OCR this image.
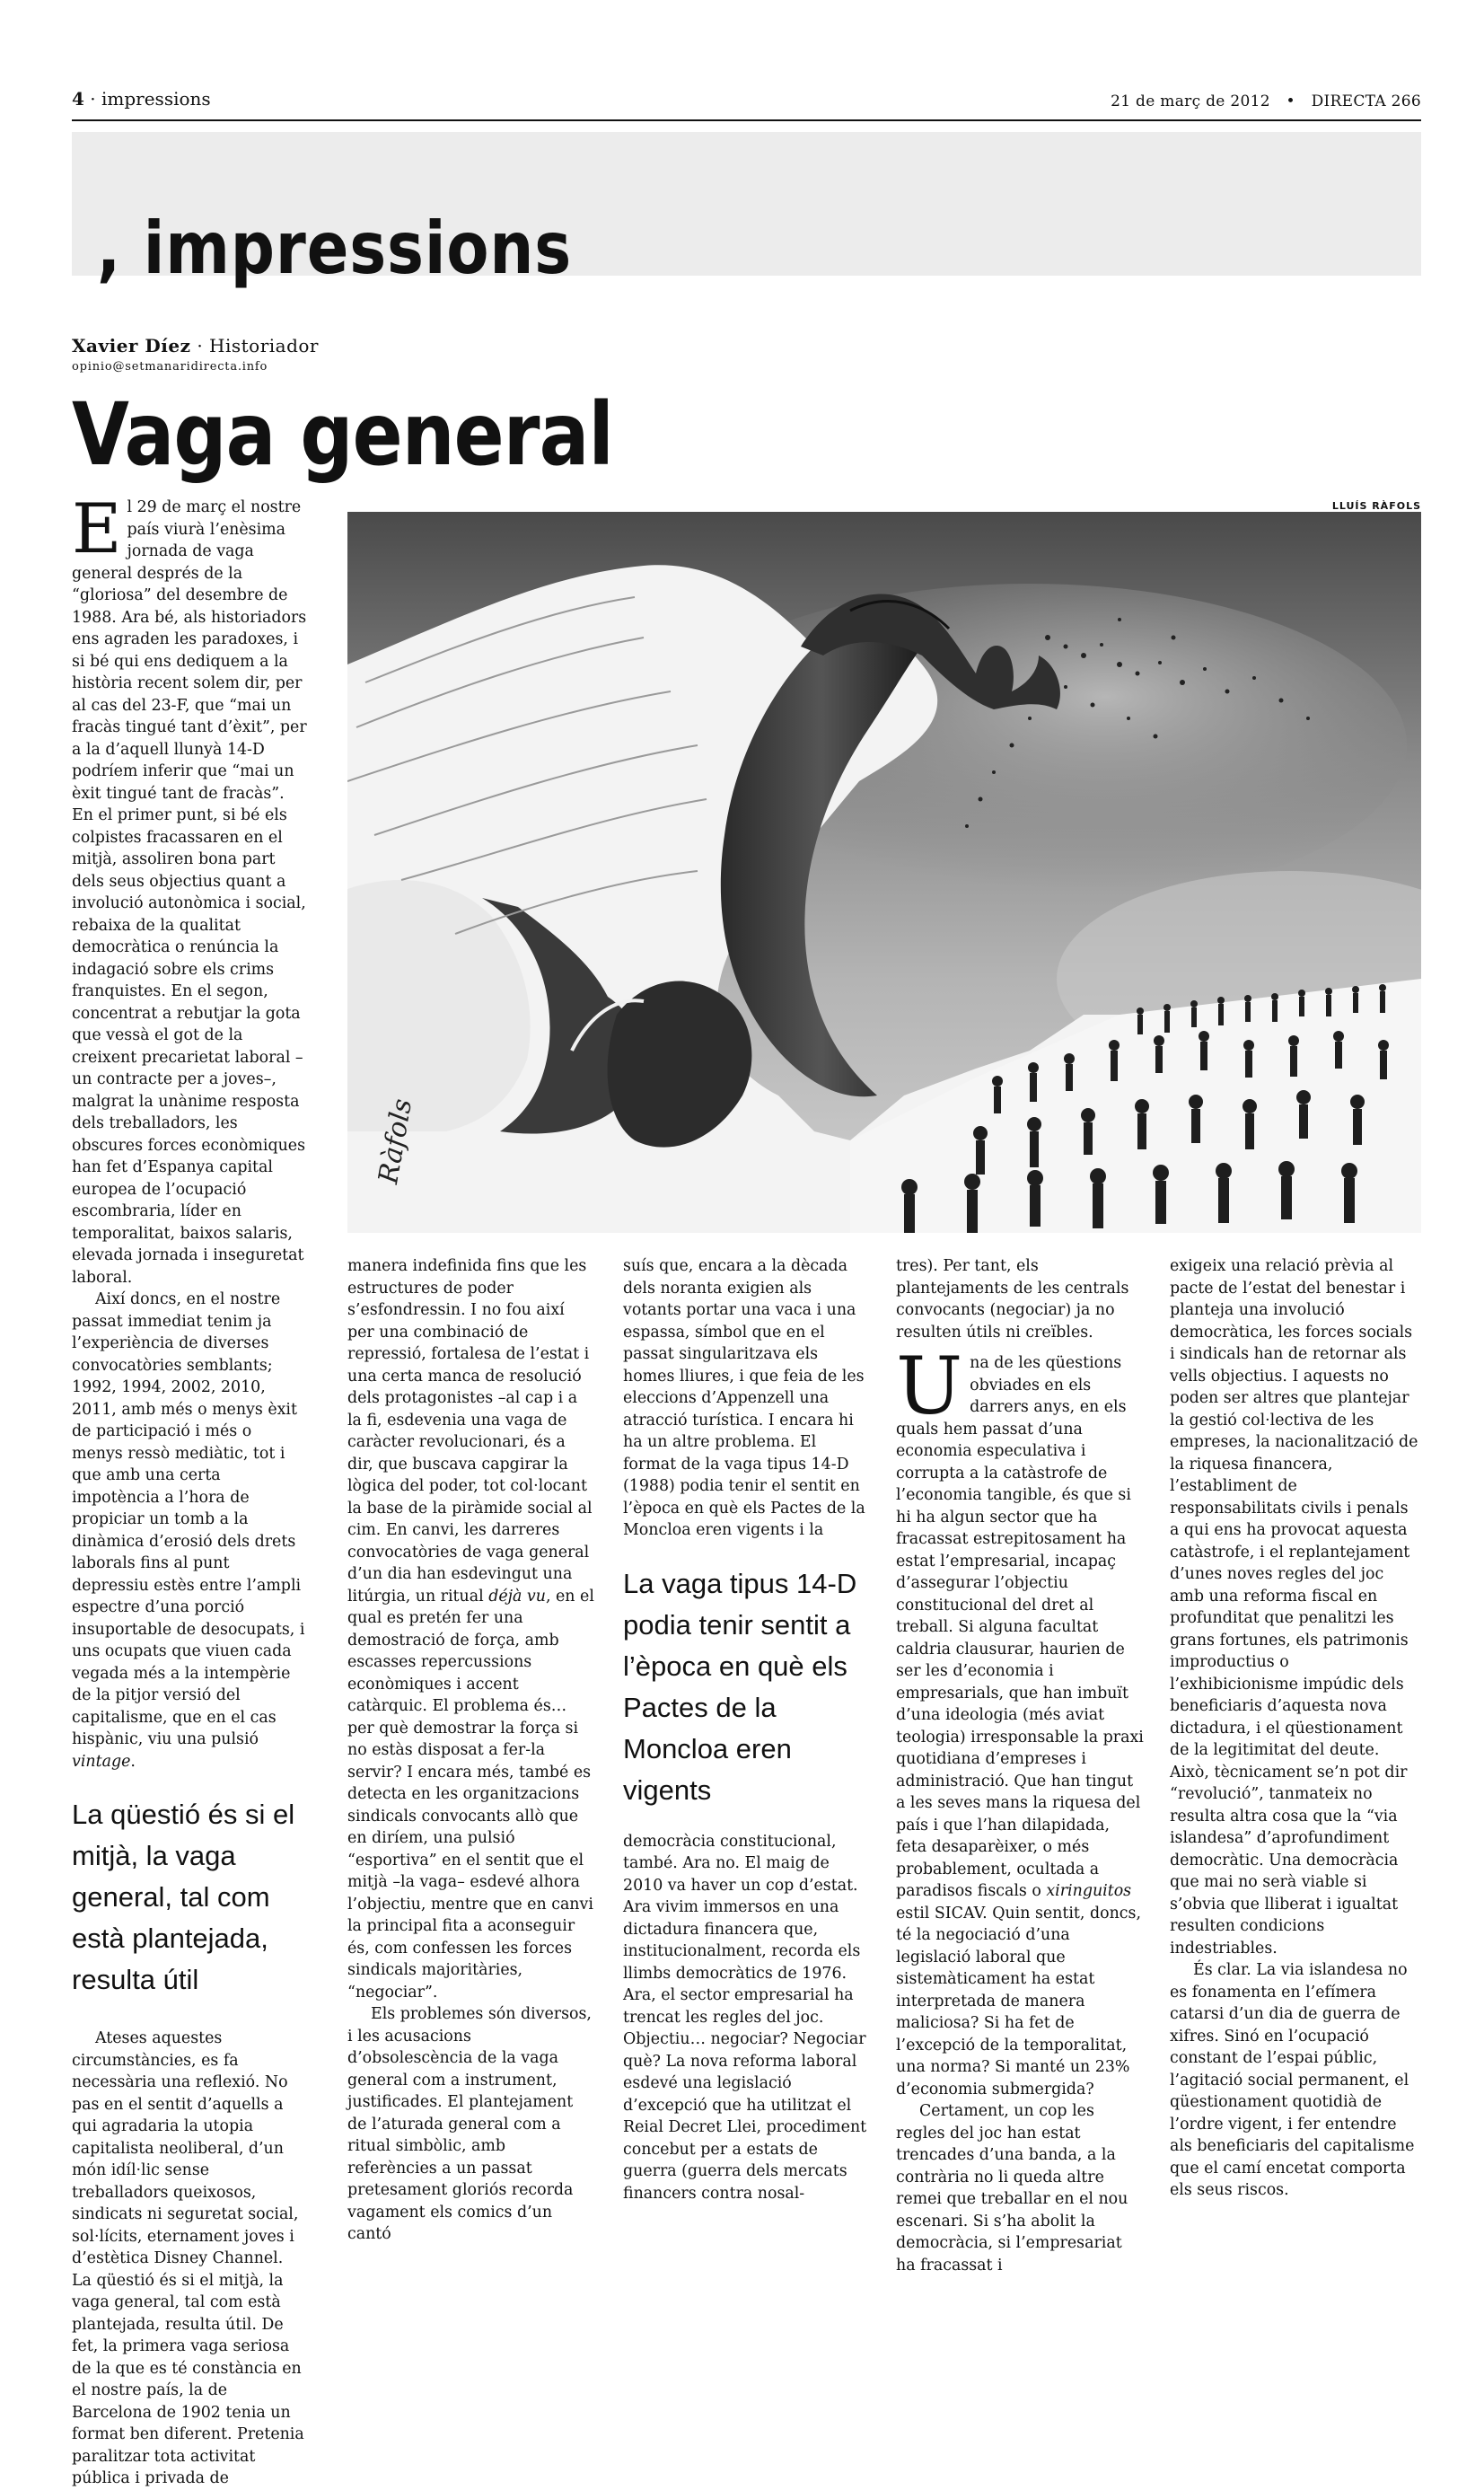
4 · impressions	21 de març de 2012 • DIRECTA 266
, impressions
Xavier Díez · Historiador
opinio@setmanaridirecta.info
Vaga general
LLUÍS RÀFOLS
Ràfols

El 29 de març el nostre país viurà l’enèsima jornada de vaga general després de la “gloriosa” del desembre de 1988. Ara bé, als historiadors ens agraden les paradoxes, i si bé qui ens dediquem a la història recent solem dir, per al cas del 23-F, que “mai un fracàs tingué tant d’èxit”, per a la d’aquell llunyà 14-D podríem inferir que “mai un èxit tingué tant de fracàs”. En el primer punt, si bé els colpistes fracassaren en el mitjà, assoliren bona part dels seus objectius quant a involució autonòmica i social, rebaixa de la qualitat democràtica o renúncia la indagació sobre els crims franquistes. En el segon, concentrat a rebutjar la gota que vessà el got de la creixent precarietat laboral –un contracte per a joves–, malgrat la unànime resposta dels treballadors, les obscures forces econòmiques han fet d’Espanya capital europea de l’ocupació escombraria, líder en temporalitat, baixos salaris, elevada jornada i inseguretat laboral.

Així doncs, en el nostre passat immediat tenim ja l’experiència de diverses convocatòries semblants; 1992, 1994, 2002, 2010, 2011, amb més o menys èxit de participació i més o menys ressò mediàtic, tot i que amb una certa impotència a l’hora de propiciar un tomb a la dinàmica d’erosió dels drets laborals fins al punt depressiu estès entre l’ampli espectre d’una porció insuportable de desocupats, i uns ocupats que viuen cada vegada més a la intempèrie de la pitjor versió del capitalisme, que en el cas hispànic, viu una pulsió vintage.

La qüestió és si el mitjà, la vaga general, tal com està plantejada, resulta útil

Ateses aquestes circumstàncies, es fa necessària una reflexió. No pas en el sentit d’aquells a qui agradaria la utopia capitalista neoliberal, d’un món idíl·lic sense treballadors queixosos, sindicats ni seguretat social, sol·lícits, eternament joves i d’estètica Disney Channel. La qüestió és si el mitjà, la vaga general, tal com està plantejada, resulta útil. De fet, la primera vaga seriosa de la que es té constància en el nostre país, la de Barcelona de 1902 tenia un format ben diferent. Pretenia paralitzar tota activitat pública i privada de

manera indefinida fins que les estructures de poder s’esfondressin. I no fou així per una combinació de repressió, fortalesa de l’estat i una certa manca de resolució dels protagonistes –al cap i a la fi, esdevenia una vaga de caràcter revolucionari, és a dir, que buscava capgirar la lògica del poder, tot col·locant la base de la piràmide social al cim. En canvi, les darreres convocatòries de vaga general d’un dia han esdevingut una litúrgia, un ritual déjà vu, en el qual es pretén fer una demostració de força, amb escasses repercussions econòmiques i accent catàrquic. El problema és… per què demostrar la força si no estàs disposat a fer-la servir? I encara més, també es detecta en les organitzacions sindicals convocants allò que en diríem, una pulsió “esportiva” en el sentit que el mitjà –la vaga– esdevé alhora l’objectiu, mentre que en canvi la principal fita a aconseguir és, com confessen les forces sindicals majoritàries, “negociar”.

Els problemes són diversos, i les acusacions d’obsolescència de la vaga general com a instrument, justificades. El plantejament de l’aturada general com a ritual simbòlic, amb referències a un passat pretesament gloriós recorda vagament els comics d’un cantó

suís que, encara a la dècada dels noranta exigien als votants portar una vaca i una espassa, símbol que en el passat singularitzava els homes lliures, i que feia de les eleccions d’Appenzell una atracció turística. I encara hi ha un altre problema. El format de la vaga tipus 14-D (1988) podia tenir el sentit en l’època en què els Pactes de la Moncloa eren vigents i la

La vaga tipus 14-D podia tenir sentit a l’època en què els Pactes de la Moncloa eren vigents

democràcia constitucional, també. Ara no. El maig de 2010 va haver un cop d’estat. Ara vivim immersos en una dictadura financera que, institucionalment, recorda els llimbs democràtics de 1976. Ara, el sector empresarial ha trencat les regles del joc. Objectiu… negociar? Negociar què? La nova reforma laboral esdevé una legislació d’excepció que ha utilitzat el Reial Decret Llei, procediment concebut per a estats de guerra (guerra dels mercats financers contra nosal-

tres). Per tant, els plantejaments de les centrals convocants (negociar) ja no resulten útils ni creïbles.

Una de les qüestions obviades en els darrers anys, en els quals hem passat d’una economia especulativa i corrupta a la catàstrofe de l’economia tangible, és que si hi ha algun sector que ha fracassat estrepitosament ha estat l’empresarial, incapaç d’assegurar l’objectiu constitucional del dret al treball. Si alguna facultat caldria clausurar, haurien de ser les d’economia i empresarials, que han imbuït d’una ideologia (més aviat teologia) irresponsable la praxi quotidiana d’empreses i administració. Que han tingut a les seves mans la riquesa del país i que l’han dilapidada, feta desaparèixer, o més probablement, ocultada a paradisos fiscals o xiringuitos estil SICAV. Quin sentit, doncs, té la negociació d’una legislació laboral que sistemàticament ha estat interpretada de manera maliciosa? Si ha fet de l’excepció de la temporalitat, una norma? Si manté un 23% d’economia submergida?

Certament, un cop les regles del joc han estat trencades d’una banda, a la contrària no li queda altre remei que treballar en el nou escenari. Si s’ha abolit la democràcia, si l’empresariat ha fracassat i

exigeix una relació prèvia al pacte de l’estat del benestar i planteja una involució democràtica, les forces socials i sindicals han de retornar als vells objectius. I aquests no poden ser altres que plantejar la gestió col·lectiva de les empreses, la nacionalització de la riquesa financera, l’establiment de responsabilitats civils i penals a qui ens ha provocat aquesta catàstrofe, i el replantejament d’unes noves regles del joc amb una reforma fiscal en profunditat que penalitzi les grans fortunes, els patrimonis improductius o l’exhibicionisme impúdic dels beneficiaris d’aquesta nova dictadura, i el qüestionament de la legitimitat del deute. Això, tècnicament se’n pot dir “revolució”, tanmateix no resulta altra cosa que la “via islandesa” d’aprofundiment democràtic. Una democràcia que mai no serà viable si s’obvia que lliberat i igualtat resulten condicions indestriables.

És clar. La via islandesa no es fonamenta en l’efímera catarsi d’un dia de guerra de xifres. Sinó en l’ocupació constant de l’espai públic, l’agitació social permanent, el qüestionament quotidià de l’ordre vigent, i fer entendre als beneficiaris del capitalisme que el camí encetat comporta els seus riscos.
